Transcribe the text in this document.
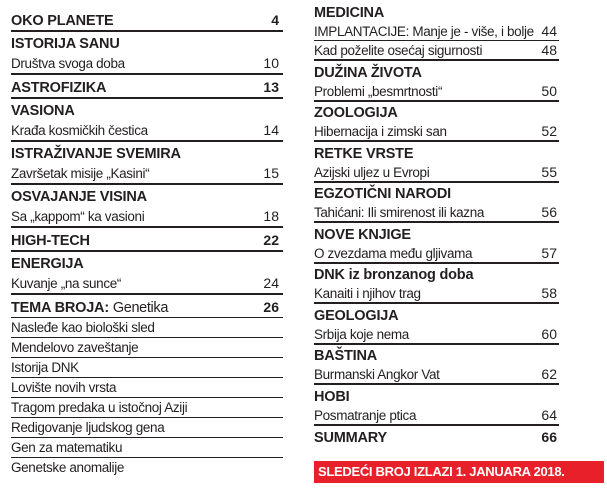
OKO PLANETE	4
ISTORIJA SANU
Društva svoga doba	10
ASTROFIZIKA	13
VASIONA
Krađa kosmičkih čestica	14
ISTRAŽIVANJE SVEMIRA
Završetak misije „Kasini“	15
OSVAJANJE VISINA
Sa „kappom“ ka vasioni	18
HIGH-TECH	22
ENERGIJA
Kuvanje „na sunce“	24
TEMA BROJA: Genetika	26
Nasleđe kao biološki sled
Mendelovo zaveštanje
Istorija DNK
Lovište novih vrsta
Tragom predaka u istočnoj Aziji
Redigovanje ljudskog gena
Gen za matematiku
Genetske anomalije
MEDICINA
IMPLANTACIJE: Manje je - više, i bolje 44
Kad poželite osećaj sigurnosti	48
DUŽINA ŽIVOTA
Problemi „besmrtnosti“	50
ZOOLOGIJA
Hibernacija i zimski san	52
RETKE VRSTE
Azijski uljez u Evropi	55
EGZOTIČNI NARODI
Tahićani: Ili smirenost ili kazna	56
NOVE KNJIGE
O zvezdama među gljivama	57
DNK iz bronzanog doba
Kanaiti i njihov trag	58
GEOLOGIJA
Srbija koje nema	60
BAŠTINA
Burmanski Angkor Vat	62
HOBI
Posmatranje ptica	64
SUMMARY	66
SLEDEĆI BROJ IZLAZI 1. JANUARA 2018.
